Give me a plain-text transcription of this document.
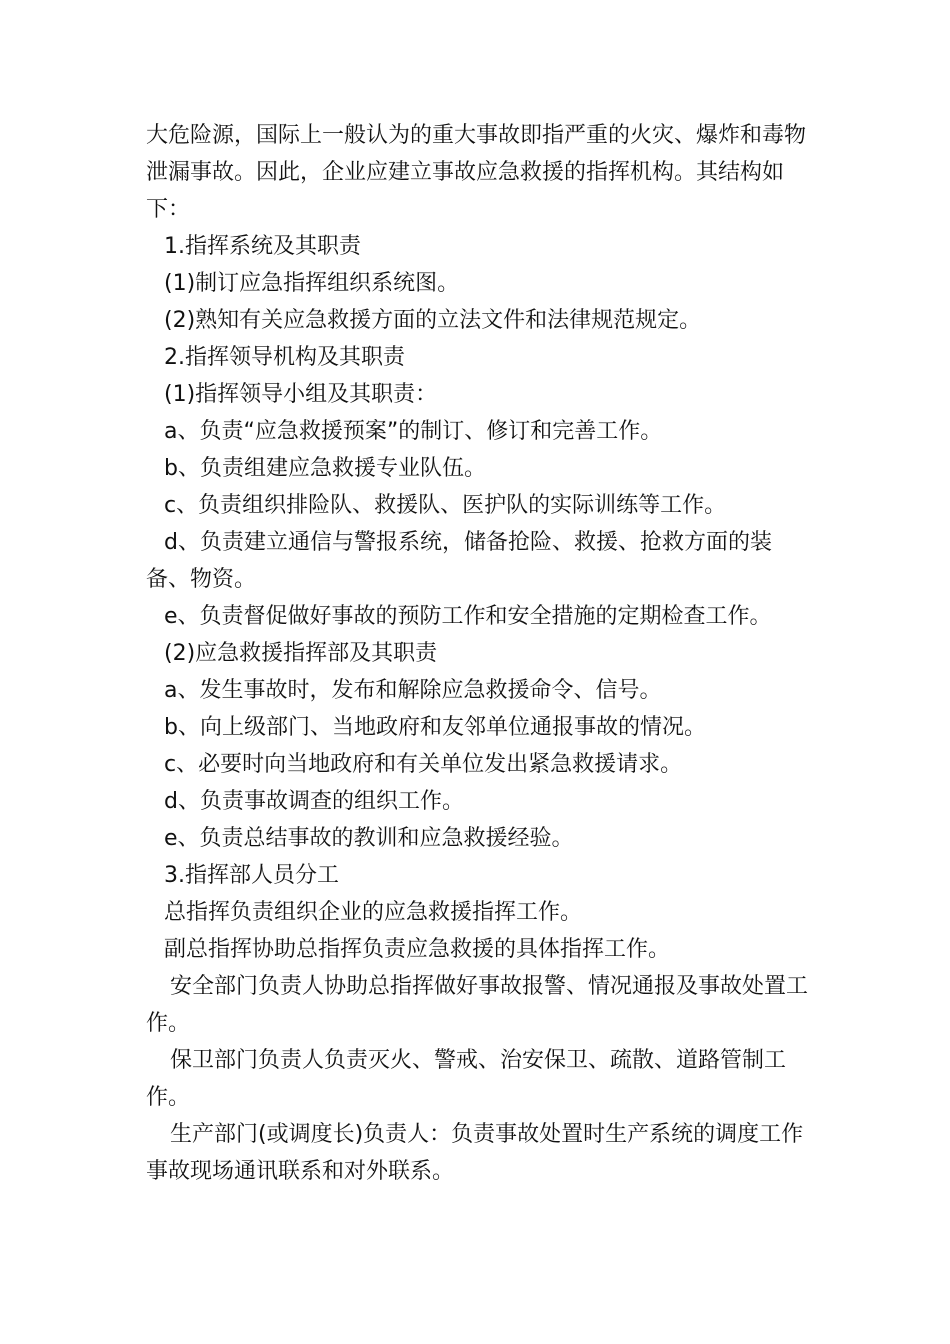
大危险源，国际上一般认为的重大事故即指严重的火灾、爆炸和毒物泄漏事故。因此，企业应建立事故应急救援的指挥机构。其结构如下：

1.指挥系统及其职责

(1)制订应急指挥组织系统图。

(2)熟知有关应急救援方面的立法文件和法律规范规定。

2.指挥领导机构及其职责

(1)指挥领导小组及其职责：

a、负责“应急救援预案”的制订、修订和完善工作。

b、负责组建应急救援专业队伍。

c、负责组织排险队、救援队、医护队的实际训练等工作。

d、负责建立通信与警报系统，储备抢险、救援、抢救方面的装备、物资。

e、负责督促做好事故的预防工作和安全措施的定期检查工作。

(2)应急救援指挥部及其职责

a、发生事故时，发布和解除应急救援命令、信号。

b、向上级部门、当地政府和友邻单位通报事故的情况。

c、必要时向当地政府和有关单位发出紧急救援请求。

d、负责事故调查的组织工作。

e、负责总结事故的教训和应急救援经验。

3.指挥部人员分工

总指挥负责组织企业的应急救援指挥工作。

副总指挥协助总指挥负责应急救援的具体指挥工作。

安全部门负责人协助总指挥做好事故报警、情况通报及事故处置工作。

保卫部门负责人负责灭火、警戒、治安保卫、疏散、道路管制工作。

生产部门(或调度长)负责人：负责事故处置时生产系统的调度工作事故现场通讯联系和对外联系。
